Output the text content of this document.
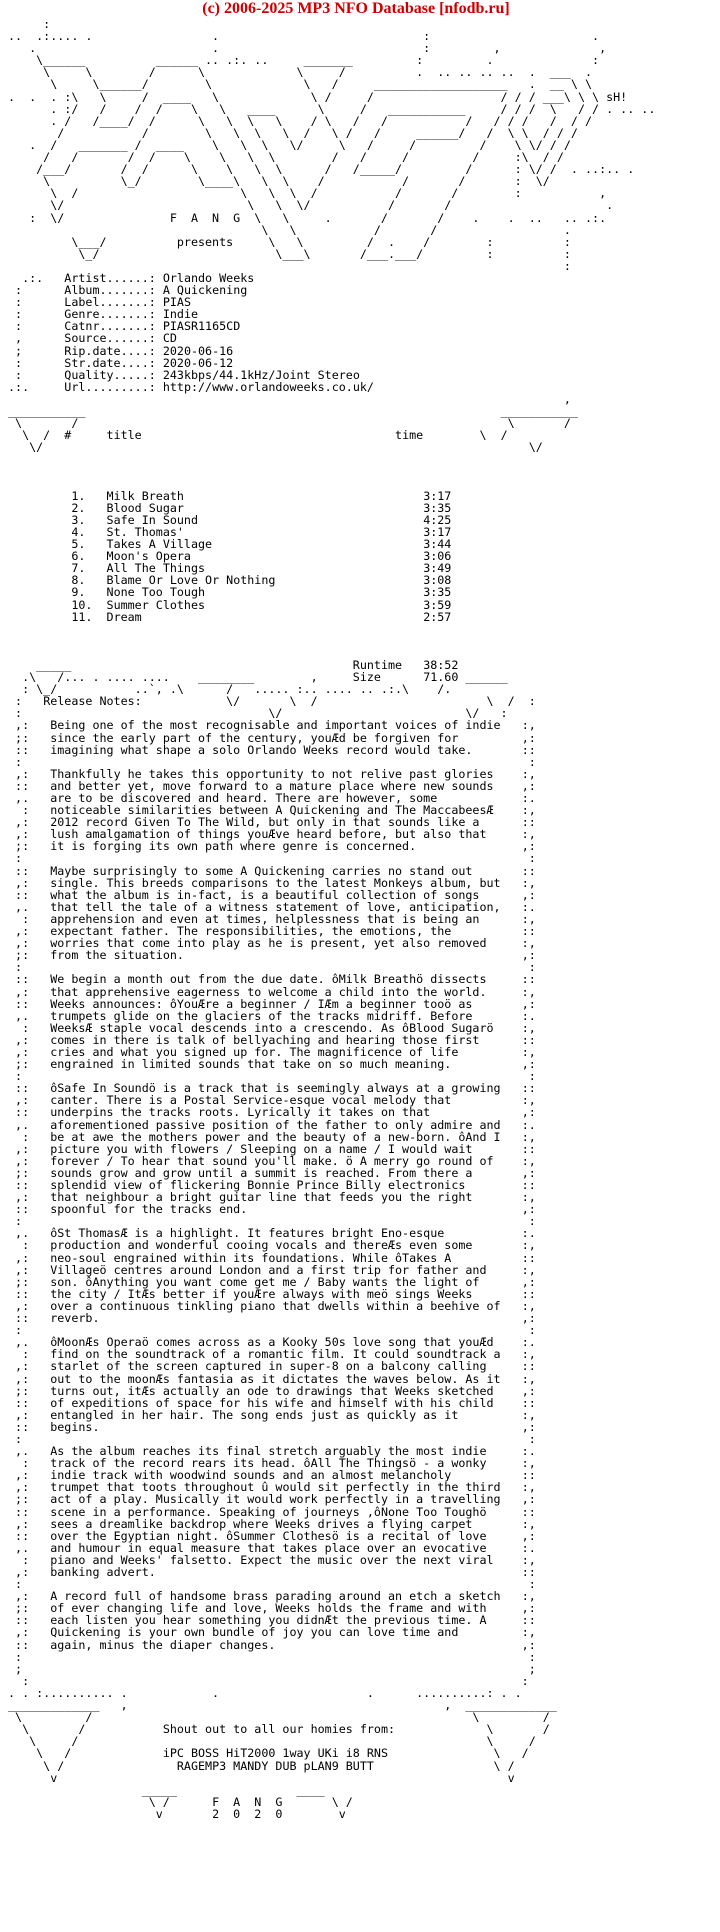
(c) 2006-2025 MP3 NFO Database [nfodb.ru]
:
..  .:.... .                 .                             :                       .
.                         .                             :         ,              ,
\______          ______ .. .:. ..     _______         :         .              :
\     \        /      \             \     /          .  .. .. .. ..  .  ___  .
\     \______/        \             \   /     ___________________   .  __ \ \
.  .  . :\   \     /  ____   \             \ /     /                  / / / ___\ \ \ sH!
. :/   /    /  /    \   \   ____      \     /   ___________     / / /  \   / / . .. ..
. /   /____/  /      \   \  \   \    / \   /   /           /   / / /   /  / /
/           /        \   \  \   \  /   \ /   /     ______/   /  \ \  / / /
.  /   _______ /  ____    \   \  \   \/     \   /     /         /    \ \/ / /
/   /       /  /    \    \   \  \        /   /     /         /     :\  / /
/___/       /  /      \    \   \  \      /   /_____/         /      : \/ /  . ..:.. .
\          \_/        \____\   \  \    /           /       /       :  \/
\  /                       \   \  \  /           /       /        :           ,
\/                          \   \  \/           /       /                      .
:  \/               F  A  N  G  \   \     .       /       /    .    .  ..   .. .:.
\   \           /       /                  .
\___/          presents     \   \         /  .    /        :          :
\_/                         \___\       /___.___/         :          :
:
.:.   Artist......: Orlando Weeks
:      Album.......: A Quickening
:      Label.......: PIAS
:      Genre.......: Indie
:      Catnr.......: PIASR1165CD
,      Source......: CD
;      Rip.date....: 2020-06-16
:      Str.date....: 2020-06-12
:      Quality.....: 243kbps/44.1kHz/Joint Stereo
.:.     Url.........: http://www.orlandoweeks.co.uk/
,
___________                                                           ___________
\       /                                                             \       /
\  /  #	title	time	\  /
\/                                                                     \/

1.   Milk Breath                                  3:17
2.   Blood Sugar                                  3:35
3.   Safe In Sound                                4:25
4.   St. Thomas'                                  3:17
5.   Takes A Village                              3:44
6.   Moon's Opera                                 3:06
7.   All The Things                               3:49
8.   Blame Or Love Or Nothing                     3:08
9.   None Too Tough                               3:35
10.  Summer Clothes                               3:59
11.  Dream                                        2:57

_____                                        Runtime 38:52
.\   /... . .... ....    ________        ,     Size	71.60 ______
: \_/           ..`, .\      /   ..... :.. .... .. .:.\    /.
:   Release Notes:	\/       \  /                        \  /  :
:                                   \/                          \/   :
,:   Being one of the most recognisable and important voices of indie   :,
;:   since the early part of the century, youÆd be forgiven for	,:
::   imagining what shape a solo Orlando Weeks record would take.	::
:                                                                        :
,:   Thankfully he takes this opportunity to not relive past glories    :,
::   and better yet, move forward to a mature place where new sounds    ,:
,.   are to be discovered and heard. There are however, some	:.
:   noticeable similarities between A Quickening and The MaccabeesÆ    :,
,:   2012 record Given To The Wild, but only in that sounds like a	::
,:   lush amalgamation of things youÆve heard before, but also that	:,
;:   it is forging its own path where genre is concerned.	,:
:                                                                        :
::   Maybe surprisingly to some A Quickening carries no stand out	::
,:   single. This breeds comparisons to the latest Monkeys album, but   :,
::   what the album is in-fact, is a beautiful collection of songs	,:
,.   that tell the tale of a witness statement of love, anticipation,   :.
:   apprehension and even at times, helplessness that is being an	:,
,:   expectant father. The responsibilities, the emotions, the	::
,:   worries that come into play as he is present, yet also removed	:,
;:   from the situation.	,:
:                                                                        :
::   We begin a month out from the due date. ôMilk Breathö dissects	::
,:   that apprehensive eagerness to welcome a child into the world.	:,
::   Weeks announces: ôYouÆre a beginner / IÆm a beginner tooö as	,:
,.   trumpets glide on the glaciers of the tracks midriff. Before	:.
:   WeeksÆ staple vocal descends into a crescendo. As ôBlood Sugarö    :,
,:   comes in there is talk of bellyaching and hearing those first	::
,:   cries and what you signed up for. The magnificence of life	:,
;:   engrained in limited sounds that take on so much meaning.	,:
:                                                                        :
::   ôSafe In Soundö is a track that is seemingly always at a growing   ::
,:   canter. There is a Postal Service-esque vocal melody that	:,
::   underpins the tracks roots. Lyrically it takes on that	,:
,.   aforementioned passive position of the father to only admire and   :.
:   be at awe the mothers power and the beauty of a new-born. ôAnd I   :,
,:   picture you with flowers / Sleeping on a name / I would wait	::
,:   forever / To hear that sound you'll make. ö A merry go round of    :,
;:   sounds grow and grow until a summit is reached. From there a	,:
::   splendid view of flickering Bonnie Prince Billy electronics	::
,:   that neighbour a bright guitar line that feeds you the right	:,
::   spoonful for the tracks end.	,:
:                                                                        :
,.   ôSt ThomasÆ is a highlight. It features bright Eno-esque	:.
:   production and wonderful cooing vocals and thereÆs even some	:,
,:   neo-soul engrained within its foundations. While ôTakes A	::
,:   Villageö centres around London and a first trip for father and	:,
;:   son. ôAnything you want come get me / Baby wants the light of	,:
::   the city / ItÆs better if youÆre always with meö sings Weeks	::
,:   over a continuous tinkling piano that dwells within a beehive of   :,
::   reverb.	,:
:                                                                        :
,.   ôMoonÆs Operaö comes across as a Kooky 50s love song that youÆd    :.
:   find on the soundtrack of a romantic film. It could soundtrack a   :,
,:   starlet of the screen captured in super-8 on a balcony calling	::
,:   out to the moonÆs fantasia as it dictates the waves below. As it   :,
;:   turns out, itÆs actually an ode to drawings that Weeks sketched    ,:
::   of expeditions of space for his wife and himself with his child    ::
,:   entangled in her hair. The song ends just as quickly as it	:,
::   begins.	,:
:                                                                        :
,.   As the album reaches its final stretch arguably the most indie	:.
:   track of the record rears its head. ôAll The Thingsö - a wonky	:,
,:   indie track with woodwind sounds and an almost melancholy	::
,:   trumpet that toots throughout û would sit perfectly in the third   :,
;:   act of a play. Musically it would work perfectly in a travelling   ,:
::   scene in a performance. Speaking of journeys ,ôNone Too Toughö	::
,:   sees a dreamlike backdrop where Weeks drives a flying carpet	:,
::   over the Egyptian night. ôSummer Clothesö is a recital of love	,:
,.   and humour in equal measure that takes place over an evocative	:.
:   piano and Weeks' falsetto. Expect the music over the next viral    :,
,:   banking advert.	::
:                                                                        :
,:   A record full of handsome brass parading around an etch a sketch   :,
;:   of ever changing life and love, Weeks holds the frame and with	,:
::   each listen you hear something you didnÆt the previous time. A	::
,:   Quickening is your own bundle of joy you can love time and	:,
::   again, minus the diaper changes.	,:
:                                                                        :
;                                                                        ;
:                                                                      :
. . :.......... .            .                     .      ..........: . .
_____________   ,                                             ,  _____________
\         /                                                      \         /
\       /           Shout out to all our homies from:	\       /
\     /                                                          \     /
\   /             iPC BOSS HiT2000 1way UKi i8 RNS	\   /
\ /                RAGEMP3 MANDY DUB pLAN9 BUTT	\ /
v                                                                v
_____                 ____
\ /      F  A  N  G	\ /
v       2  0  2  0	v
